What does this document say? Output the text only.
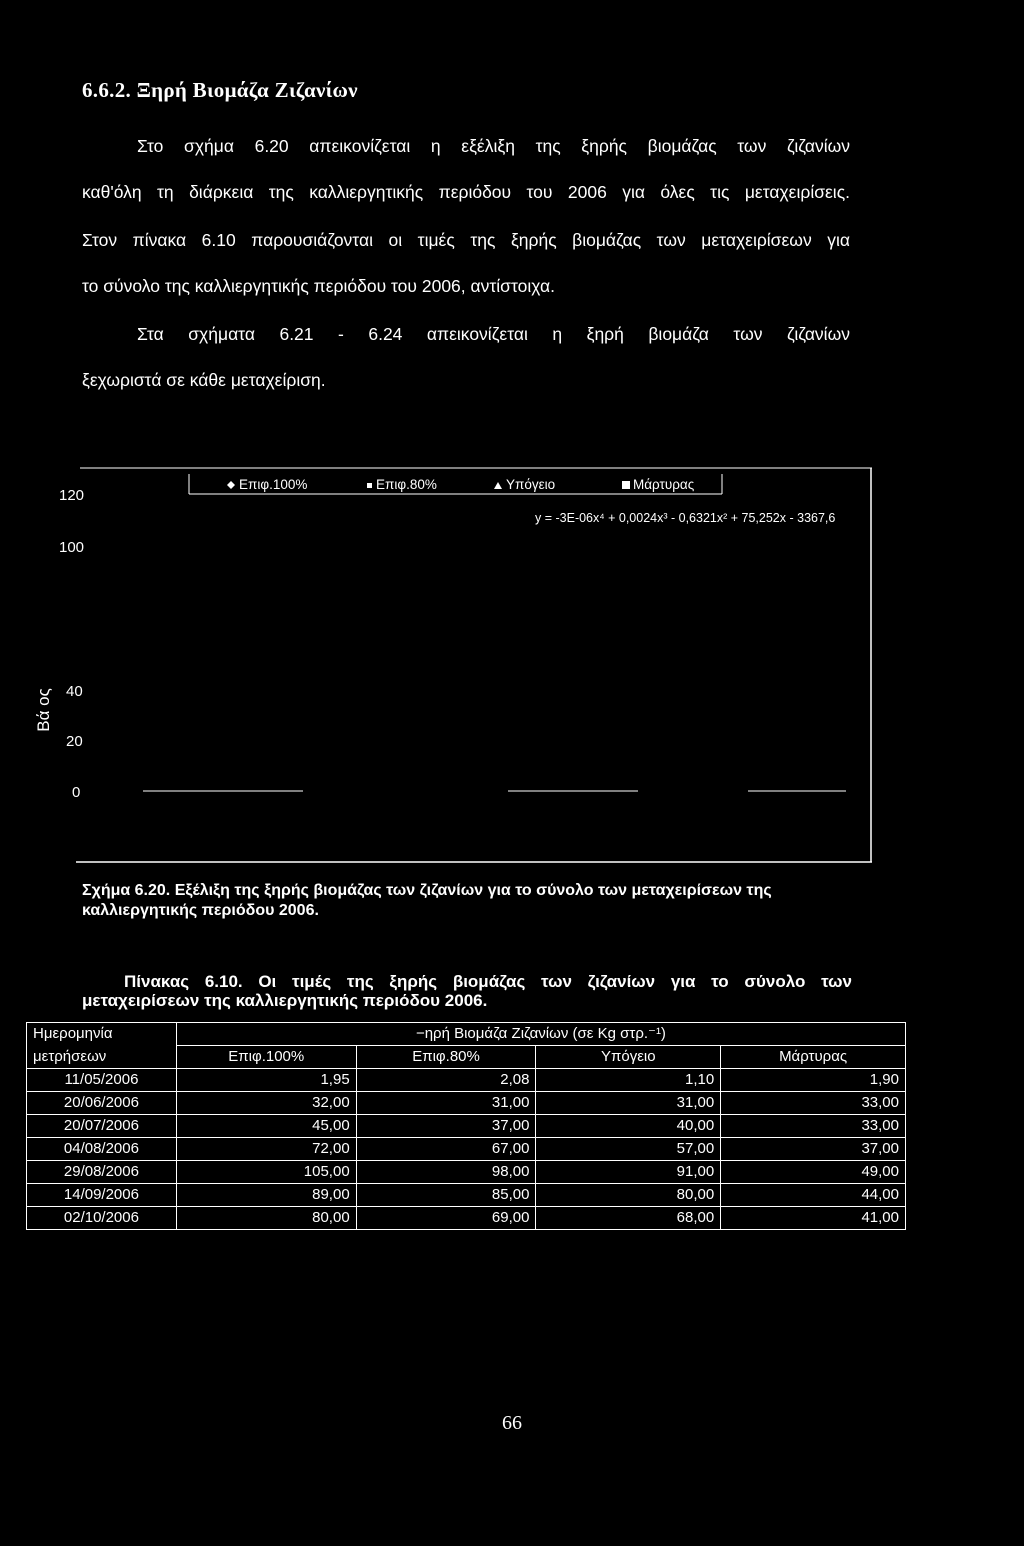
6.6.2. Ξηρή Βιομάζα Ζιζανίων
Στο σχήμα 6.20 απεικονίζεται η εξέλιξη της ξηρής βιομάζας των ζιζανίων
καθ'όλη τη διάρκεια της καλλιεργητικής περιόδου του 2006 για όλες τις μεταχειρίσεις.
Στον πίνακα 6.10 παρουσιάζονται οι τιμές της ξηρής βιομάζας των μεταχειρίσεων για
το σύνολο της καλλιεργητικής περιόδου του 2006, αντίστοιχα.
Στα σχήματα 6.21 - 6.24 απεικονίζεται η ξηρή βιομάζα των ζιζανίων
ξεχωριστά σε κάθε μεταχείριση.
Επιφ.100%	Επιφ.80%	Υπόγειο	Μάρτυρας
y = -3E-06x⁴ + 0,0024x³ - 0,6321x² + 75,252x - 3367,6
120
100
40
20
0
Βά ος
Σχήμα 6.20. Εξέλιξη της ξηρής βιομάζας των ζιζανίων για το σύνολο των μεταχειρίσεων της
καλλιεργητικής περιόδου 2006.
Πίνακας 6.10. Οι τιμές της ξηρής βιομάζας των ζιζανίων για το σύνολο των
μεταχειρίσεων της καλλιεργητικής περιόδου 2006.
Ημερομηνία	−ηρή Βιομάζα Ζιζανίων (σε Kg στρ.⁻¹)			
μετρήσεων	Επιφ.100%	Επιφ.80%	Υπόγειο	Μάρτυρας
11/05/2006	1,95	2,08	1,10	1,90
20/06/2006	32,00	31,00	31,00	33,00
20/07/2006	45,00	37,00	40,00	33,00
04/08/2006	72,00	67,00	57,00	37,00
29/08/2006	105,00	98,00	91,00	49,00
14/09/2006	89,00	85,00	80,00	44,00
02/10/2006	80,00	69,00	68,00	41,00
66
